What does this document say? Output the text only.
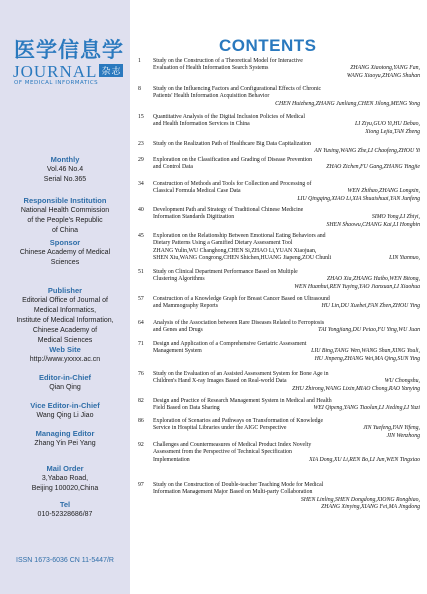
医学信息学
JOURNAL 杂志
OF MEDICAL INFORMATICS
Monthly
Vol.46 No.4
Serial No.365
Responsible Institution
National Health Commission
of the People's Republic
of China
Sponsor
Chinese Academy of Medical
Sciences
Publisher
Editorial Office of Journal of
Medical Informatics,
Institute of Medical Information,
Chinese Academy of
Medical Sciences
Web Site
http://www.yxxxx.ac.cn
Editor-in-Chief
Qian Qing
Vice Editor-in-Chief
Wang Qing Li Jiao
Managing Editor
Zhang Yin Pei Yang
Mail Order
3,Yabao Road,
Beijing 100020,China
Tel
010-52328686/87
ISSN 1673-6036 CN 11-5447/R
CONTENTS
1	Study on the Construction of a Theoretical Model for Interactive
Evaluation of Health Information Search Systems	ZHANG Xiaotong,YANG Fan,
WANG Xiaoyu,ZHANG Shuhan
8	Study on the Influencing Factors and Configurational Effects of Chronic
Patients' Health Information Acquisition Behavior
CHEN Huizheng,ZHANG Junliang,CHEN Jilong,MENG Yong
15	Quantitative Analysis of the Digital Inclusion Policies of Medical
and Health Information Services in China	LI Ziyu,GUO Yi,HU Debao,
Xiong Lejia,TAN Zheng
23	Study on the Realization Path of Healthcare Big Data Capitalization
AN Yuxing,WANG Zhe,LI Chaofeng,ZHOU Yi
29	Exploration on the Classification and Grading of Disease Prevention
and Control Data	ZHAO Zichen,FU Gang,ZHANG Yingjie
34	Construction of Methods and Tools for Collection and Processing of
Classical Formula Medical Case Data	WEN Zhihao,ZHANG Longxin,
LIU Qingqing,XIAO Li,XIA Shuaishuai,YAN Junfeng
40	Development Path and Strategy of Traditional Chinese Medicine
Information Standards Digitization	SIMO Yong,LI Zhiyi,
SHEN Shaowu,CHANG Kai,LI Hongbin
45	Exploration on the Relationship Between Emotional Eating Behaviors and
Dietary Patterns Using a Gamified Dietary Assessment Tool
ZHANG Yulin,WU Changhong,CHEN Si,ZHAO Li,YUAN Xiaojuan,
SHEN Xiu,WANG Congrong,CHEN Shichen,HUANG Jiapeng,ZOU Chunli	LIN Yiannuo,
51	Study on Clinical Department Performance Based on Multiple
Clustering Algorithms	ZHAO Xia,ZHANG Haibo,WEN Bitong,
WEN Huanhui,REN Yuying,YAO Jianxuan,LI Xiaohua
57	Construction of a Knowledge Graph for Breast Cancer Based on Ultrasound
and Mammography Reports	HU Lin,DU Xuebei,FAN Zhen,ZHOU Ying
64	Analysis of the Association between Rare Diseases Related to Ferroptosis
and Genes and Drugs	TAI Yongjiang,DU Peiao,FU Ying,WU Juan
71	Design and Application of a Comprehensive Geriatric Assessment
Management System	LIU Bing,TANG Wen,WANG Shan,XING Youli,
HU Jinpeng,ZHANG Wei,MA Qing,SUN Ying
76	Study on the Evaluation of an Assisted Assessment System for Bone Age in
Children's Hand X-ray Images Based on Real-world Data	WU Chongshu,
ZHU Zhirong,WANG Lixin,MIAO Chong,RAO Yanying
82	Design and Practice of Research Management System in Medical and Health
Field Based on Data Sharing	WEI Qipeng,YANG Tiaolan,LI Jieding,LI Yuzi
86	Exploration of Scenarios and Pathways on Transformation of Knowledge
Service in Hospital Libraries under the AIGC Perspective	JIN Yuefeng,FAN Yifeng,
JIN Wenzhong
92	Challenges and Countermeasures of Medical Product Index Novelty
Assessment from the Perspective of Technical Specification
Implementation	XIA Dong,XU Li,REN Bo,LI Jun,WEN Tingxiao
97	Study on the Construction of Double-teacher Teaching Mode for Medical
Information Management Major Based on Multi-party Collaboration
SHEN Linling,SHEN Dongdong,XIONG Rongbiao,
ZHANG Xinying,XIANG Fei,MA Jingdong
